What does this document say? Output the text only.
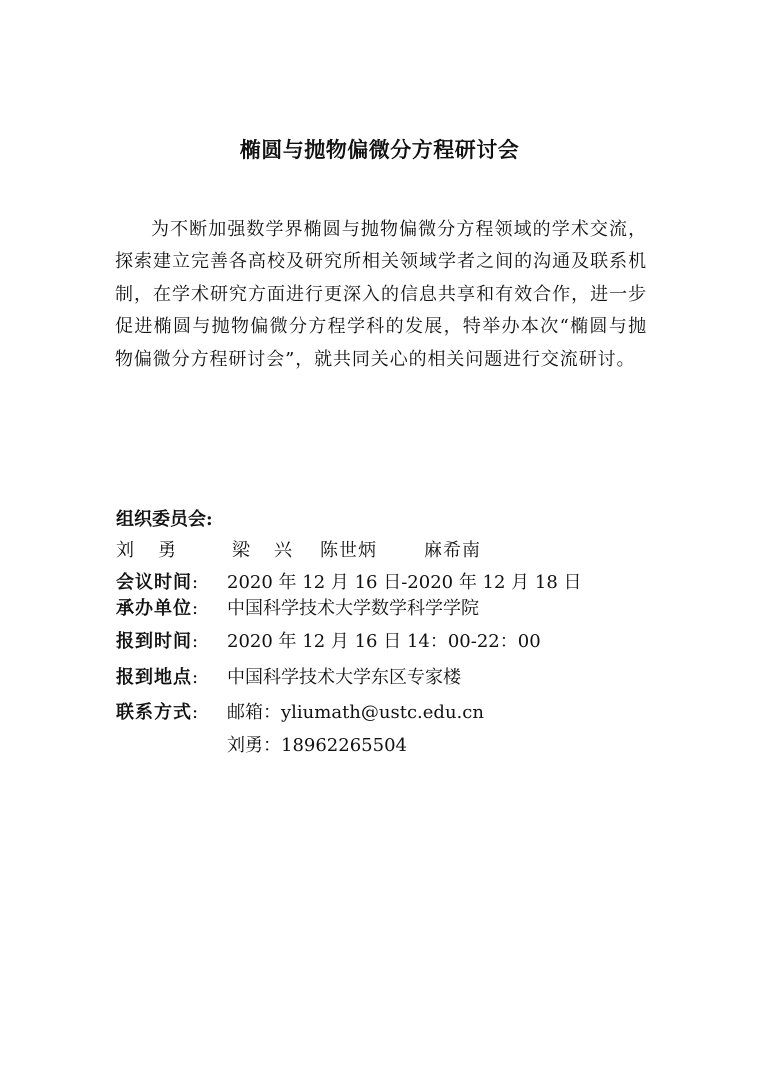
椭圆与抛物偏微分方程研讨会
为不断加强数学界椭圆与抛物偏微分方程领域的学术交流，探索建立完善各高校及研究所相关领域学者之间的沟通及联系机制，在学术研究方面进行更深入的信息共享和有效合作，进一步促进椭圆与抛物偏微分方程学科的发展，特举办本次“椭圆与抛物偏微分方程研讨会”，就共同关心的相关问题进行交流研讨。
组织委员会:
刘勇 梁兴 陈世炳	麻希南
会议时间: 2020 年 12 月 16 日-2020 年 12 月 18 日
承办单位: 中国科学技术大学数学科学学院
报到时间: 2020 年 12 月 16 日 14：00-22：00
报到地点: 中国科学技术大学东区专家楼
联系方式: 邮箱：yliumath@ustc.edu.cn
刘勇：18962265504
